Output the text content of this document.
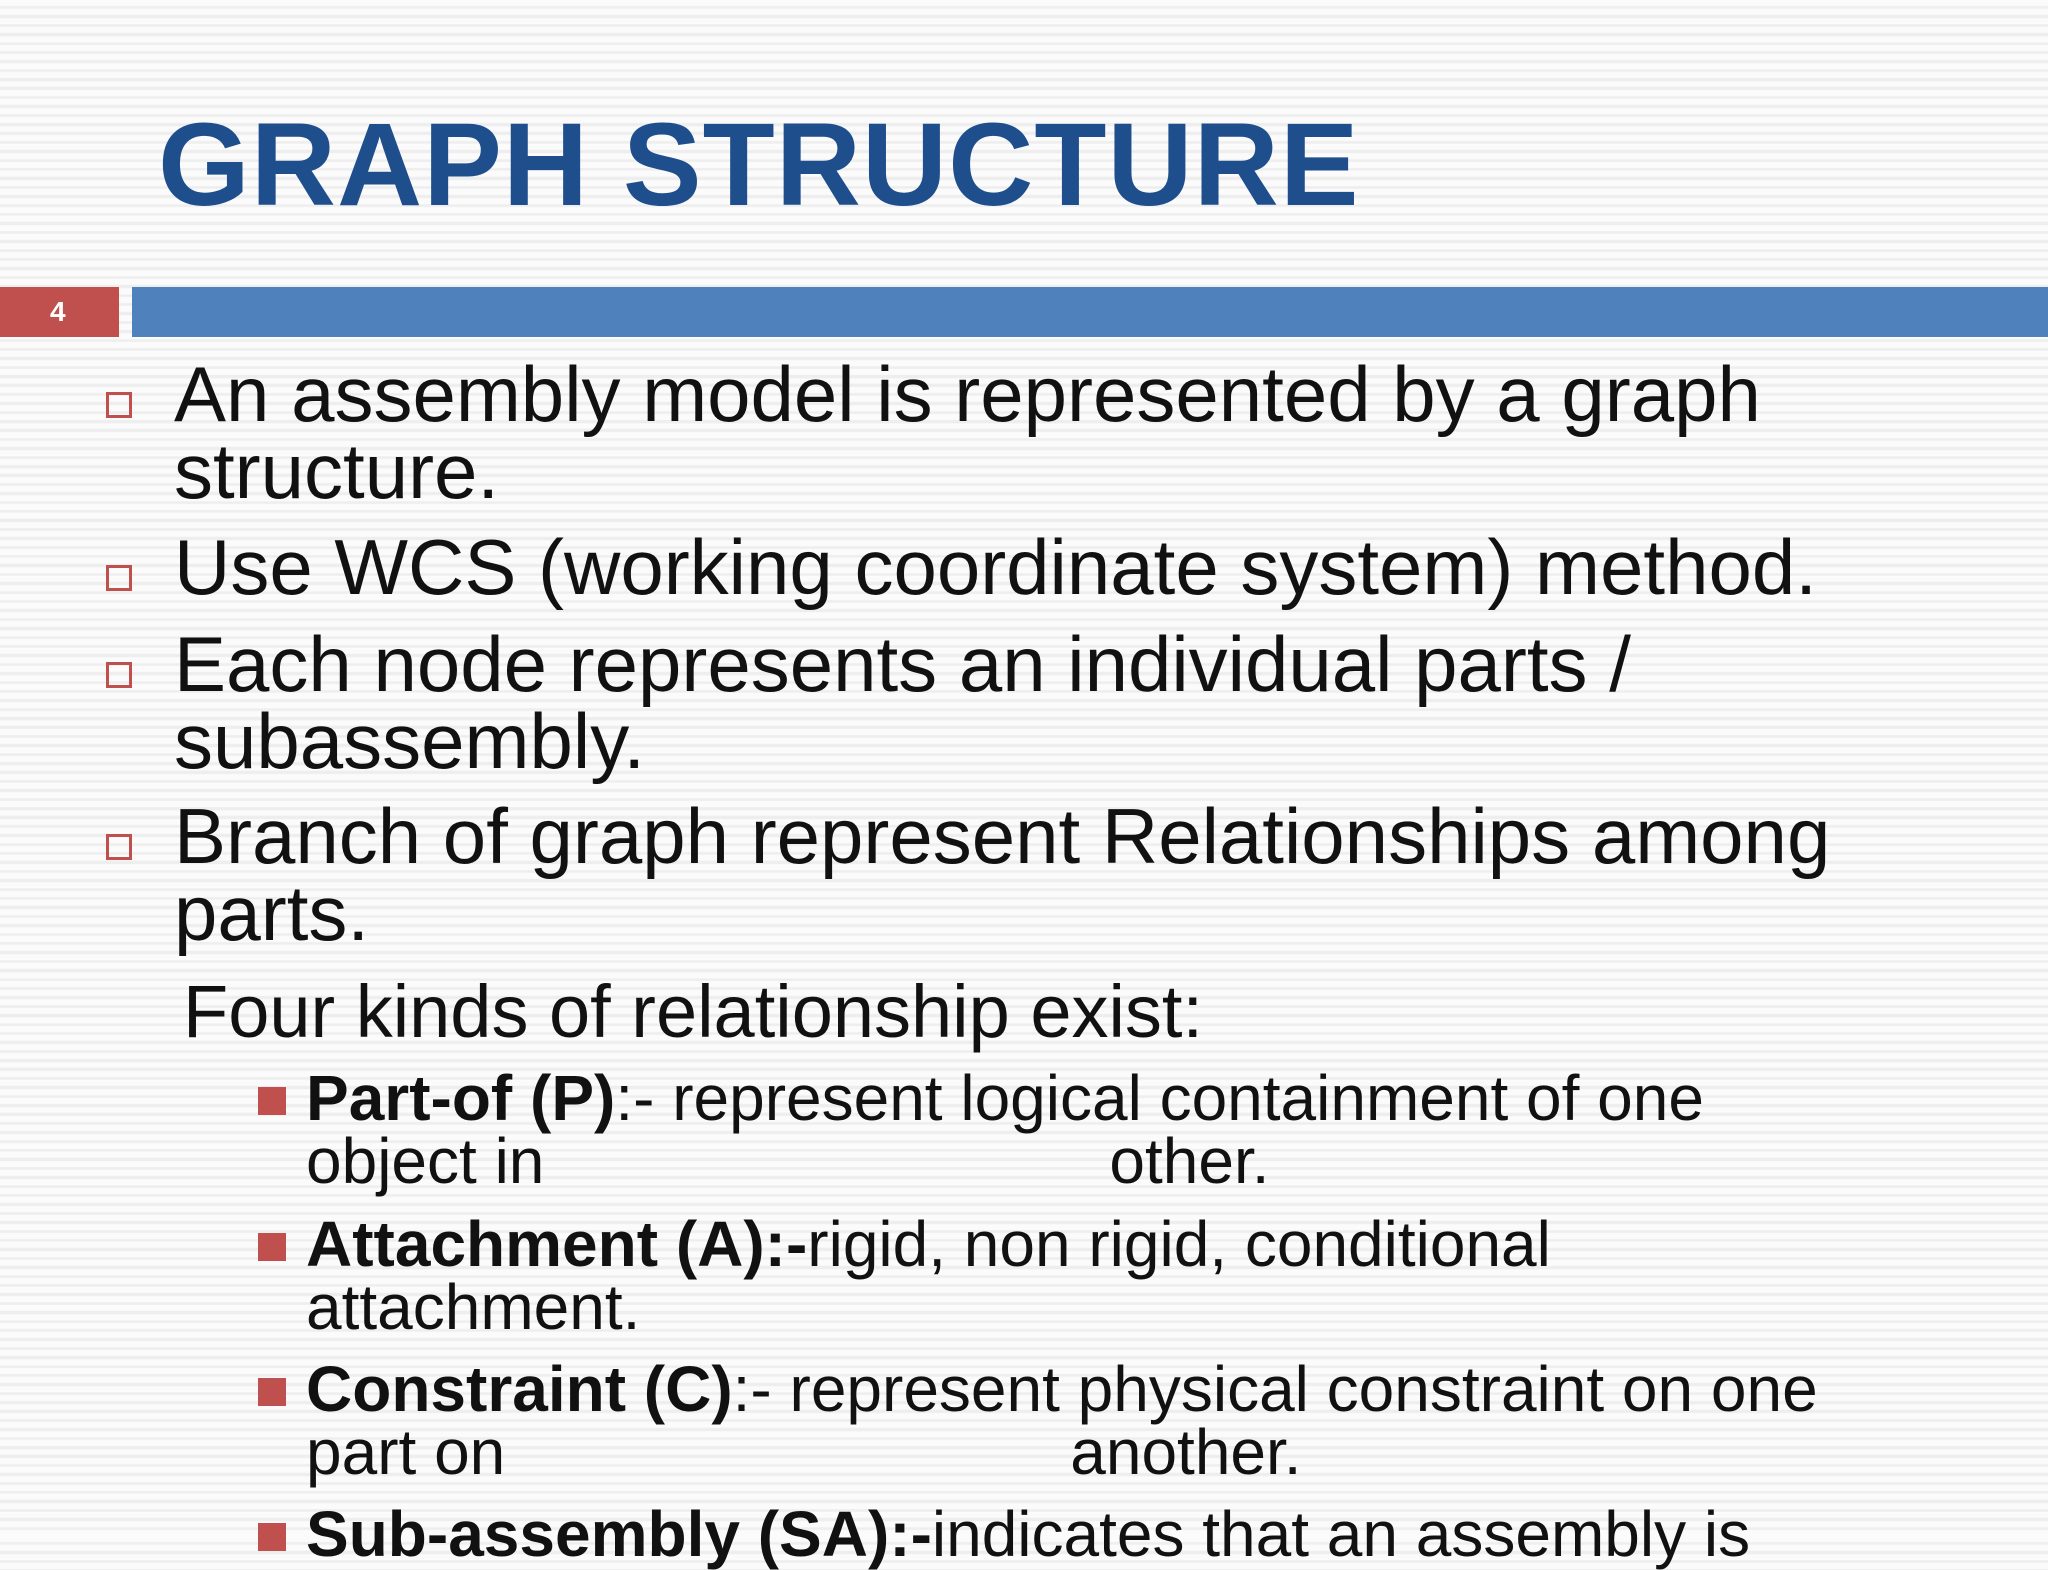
GRAPH STRUCTURE
4
An assembly model is represented by a graph
structure.
Use WCS (working coordinate system) method.
Each node represents an individual parts /
subassembly.
Branch of graph represent Relationships among
parts.
Four kinds of relationship exist:
Part-of (P):- represent logical containment of one
object in	other.
Attachment (A):-rigid, non rigid, conditional
attachment.
Constraint (C):- represent physical constraint on one
part on	another.
Sub-assembly (SA):-indicates that an assembly is
